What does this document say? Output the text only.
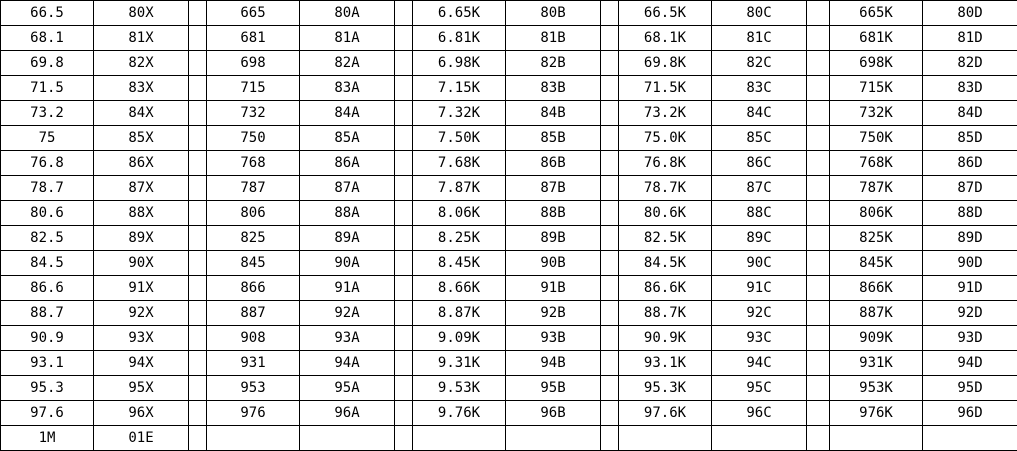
66.5	80X		665	80A		6.65K	80B		66.5K	80C		665K	80D
68.1	81X		681	81A		6.81K	81B		68.1K	81C		681K	81D
69.8	82X		698	82A		6.98K	82B		69.8K	82C		698K	82D
71.5	83X		715	83A		7.15K	83B		71.5K	83C		715K	83D
73.2	84X		732	84A		7.32K	84B		73.2K	84C		732K	84D
75	85X		750	85A		7.50K	85B		75.0K	85C		750K	85D
76.8	86X		768	86A		7.68K	86B		76.8K	86C		768K	86D
78.7	87X		787	87A		7.87K	87B		78.7K	87C		787K	87D
80.6	88X		806	88A		8.06K	88B		80.6K	88C		806K	88D
82.5	89X		825	89A		8.25K	89B		82.5K	89C		825K	89D
84.5	90X		845	90A		8.45K	90B		84.5K	90C		845K	90D
86.6	91X		866	91A		8.66K	91B		86.6K	91C		866K	91D
88.7	92X		887	92A		8.87K	92B		88.7K	92C		887K	92D
90.9	93X		908	93A		9.09K	93B		90.9K	93C		909K	93D
93.1	94X		931	94A		9.31K	94B		93.1K	94C		931K	94D
95.3	95X		953	95A		9.53K	95B		95.3K	95C		953K	95D
97.6	96X		976	96A		9.76K	96B		97.6K	96C		976K	96D
1M	01E												
